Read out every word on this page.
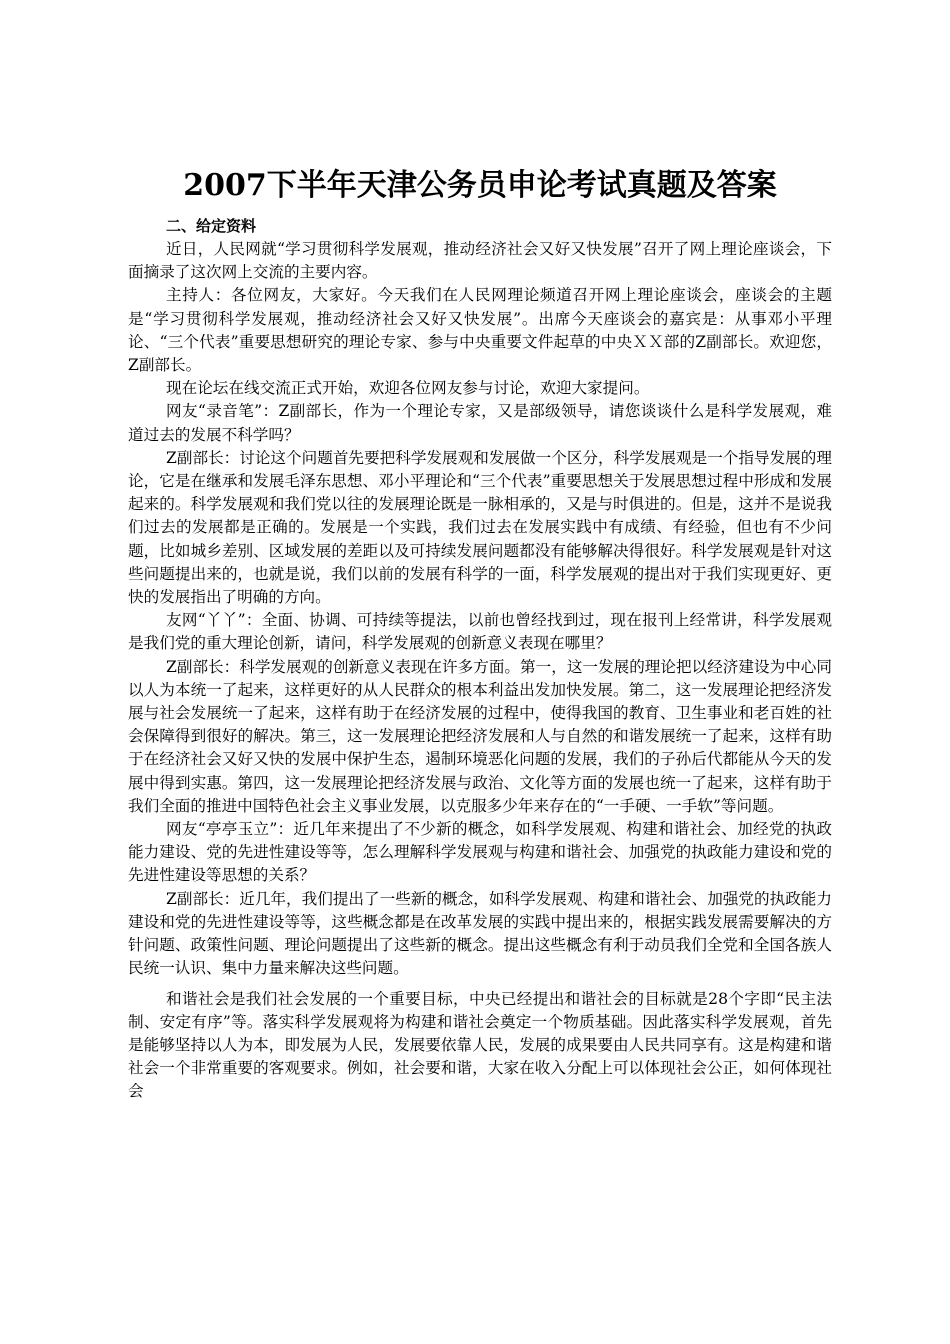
2007下半年天津公务员申论考试真题及答案
二、给定资料

近日，人民网就“学习贯彻科学发展观，推动经济社会又好又快发展”召开了网上理论座谈会，下面摘录了这次网上交流的主要内容。

主持人：各位网友，大家好。今天我们在人民网理论频道召开网上理论座谈会，座谈会的主题是“学习贯彻科学发展观，推动经济社会又好又快发展”。出席今天座谈会的嘉宾是：从事邓小平理论、“三个代表”重要思想研究的理论专家、参与中央重要文件起草的中央ＸＸ部的Z副部长。欢迎您，Z副部长。

现在论坛在线交流正式开始，欢迎各位网友参与讨论，欢迎大家提问。

网友“录音笔”：Z副部长，作为一个理论专家，又是部级领导，请您谈谈什么是科学发展观，难道过去的发展不科学吗？

Z副部长：讨论这个问题首先要把科学发展观和发展做一个区分，科学发展观是一个指导发展的理论，它是在继承和发展毛泽东思想、邓小平理论和“三个代表”重要思想关于发展思想过程中形成和发展起来的。科学发展观和我们党以往的发展理论既是一脉相承的，又是与时俱进的。但是，这并不是说我们过去的发展都是正确的。发展是一个实践，我们过去在发展实践中有成绩、有经验，但也有不少问题，比如城乡差别、区域发展的差距以及可持续发展问题都没有能够解决得很好。科学发展观是针对这些问题提出来的，也就是说，我们以前的发展有科学的一面，科学发展观的提出对于我们实现更好、更快的发展指出了明确的方向。

友网“丫丫”：全面、协调、可持续等提法，以前也曾经找到过，现在报刊上经常讲，科学发展观是我们党的重大理论创新，请问，科学发展观的创新意义表现在哪里？

Z副部长：科学发展观的创新意义表现在许多方面。第一，这一发展的理论把以经济建设为中心同以人为本统一了起来，这样更好的从人民群众的根本利益出发加快发展。第二，这一发展理论把经济发展与社会发展统一了起来，这样有助于在经济发展的过程中，使得我国的教育、卫生事业和老百姓的社会保障得到很好的解决。第三，这一发展理论把经济发展和人与自然的和谐发展统一了起来，这样有助于在经济社会又好又快的发展中保护生态，遏制环境恶化问题的发展，我们的子孙后代都能从今天的发展中得到实惠。第四，这一发展理论把经济发展与政治、文化等方面的发展也统一了起来，这样有助于我们全面的推进中国特色社会主义事业发展，以克服多少年来存在的“一手硬、一手软”等问题。

网友“亭亭玉立”：近几年来提出了不少新的概念，如科学发展观、构建和谐社会、加经党的执政能力建设、党的先进性建设等等，怎么理解科学发展观与构建和谐社会、加强党的执政能力建设和党的先进性建设等思想的关系？

Z副部长：近几年，我们提出了一些新的概念，如科学发展观、构建和谐社会、加强党的执政能力建设和党的先进性建设等等，这些概念都是在改革发展的实践中提出来的，根据实践发展需要解决的方针问题、政策性问题、理论问题提出了这些新的概念。提出这些概念有利于动员我们全党和全国各族人民统一认识、集中力量来解决这些问题。

和谐社会是我们社会发展的一个重要目标，中央已经提出和谐社会的目标就是28个字即“民主法制、安定有序”等。落实科学发展观将为构建和谐社会奠定一个物质基础。因此落实科学发展观，首先是能够坚持以人为本，即发展为人民，发展要依靠人民，发展的成果要由人民共同享有。这是构建和谐社会一个非常重要的客观要求。例如，社会要和谐，大家在收入分配上可以体现社会公正，如何体现社会
